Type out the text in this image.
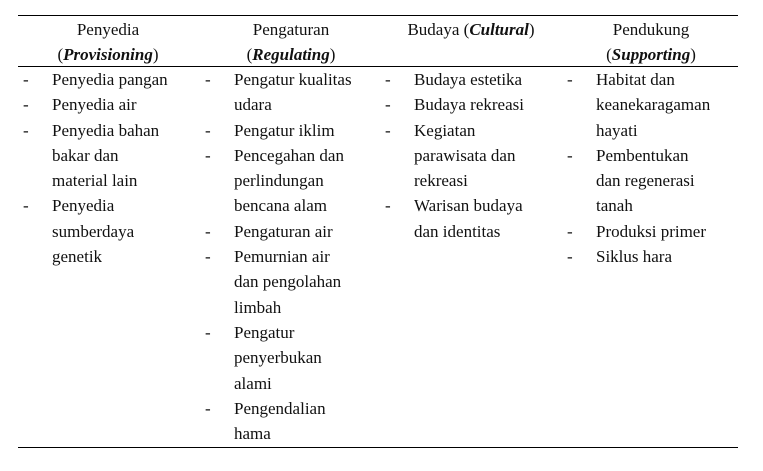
Penyedia
(Provisioning)
Pengaturan
(Regulating)
Budaya (Cultural)	Pendukung
(Supporting)
- Penyedia pangan
- Penyedia air
- Penyedia bahan bakar dan material lain
- Penyedia sumberdaya genetik
- Pengatur kualitas udara
- Pengatur iklim
- Pencegahan dan perlindungan bencana alam
- Pengaturan air
- Pemurnian air dan pengolahan limbah
- Pengatur penyerbukan alami
- Pengendalian hama
- Budaya estetika
- Budaya rekreasi
- Kegiatan parawisata dan rekreasi
- Warisan budaya dan identitas
- Habitat dan keanekaragaman hayati
- Pembentukan dan regenerasi tanah
- Produksi primer
- Siklus hara
